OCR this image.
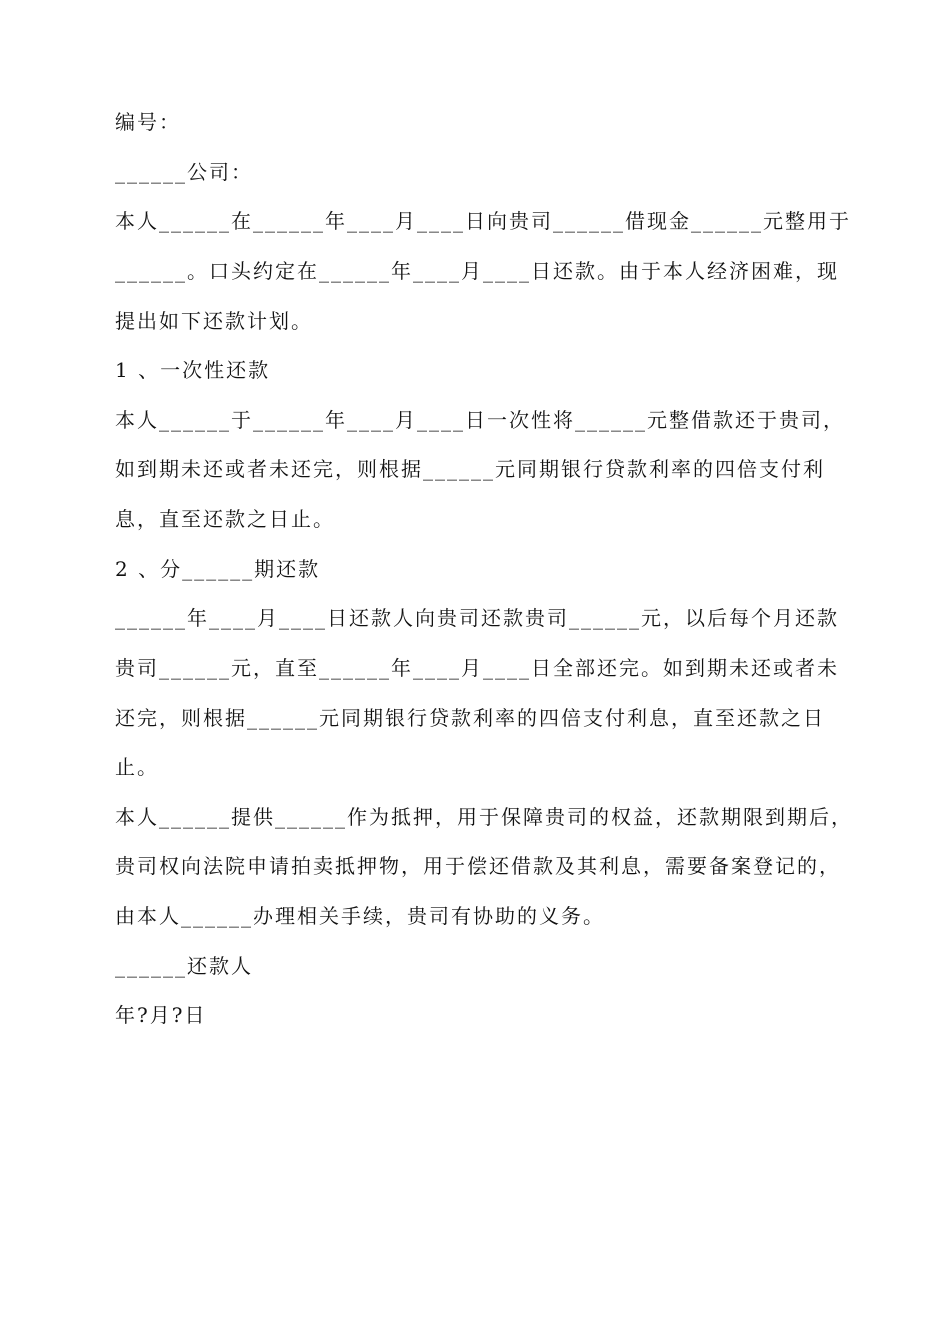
编号：
______公司：
本人______在______年____月____日向贵司______借现金______元整用于
______。口头约定在______年____月____日还款。由于本人经济困难，现
提出如下还款计划。
1 、一次性还款
本人______于______年____月____日一次性将______元整借款还于贵司，
如到期未还或者未还完，则根据______元同期银行贷款利率的四倍支付利
息，直至还款之日止。
2 、分______期还款
______年____月____日还款人向贵司还款贵司______元，以后每个月还款
贵司______元，直至______年____月____日全部还完。如到期未还或者未
还完，则根据______元同期银行贷款利率的四倍支付利息，直至还款之日
止。
本人______提供______作为抵押，用于保障贵司的权益，还款期限到期后，
贵司权向法院申请拍卖抵押物，用于偿还借款及其利息，需要备案登记的，
由本人______办理相关手续，贵司有协助的义务。
______还款人
年?月?日
